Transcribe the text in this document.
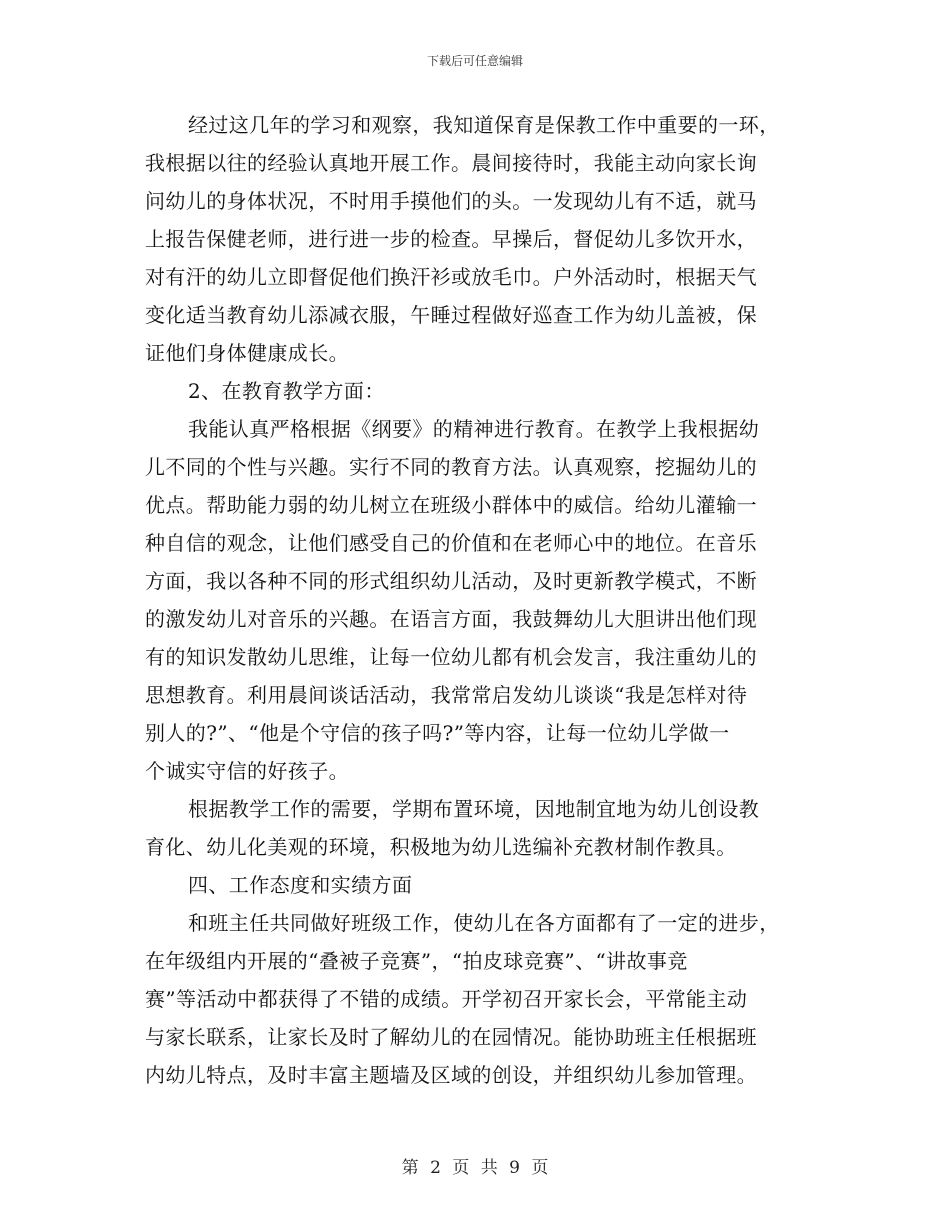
下载后可任意编辑
经过这几年的学习和观察，我知道保育是保教工作中重要的一环，
我根据以往的经验认真地开展工作。晨间接待时，我能主动向家长询
问幼儿的身体状况，不时用手摸他们的头。一发现幼儿有不适，就马
上报告保健老师，进行进一步的检查。早操后，督促幼儿多饮开水，
对有汗的幼儿立即督促他们换汗衫或放毛巾。户外活动时，根据天气
变化适当教育幼儿添减衣服，午睡过程做好巡查工作为幼儿盖被，保
证他们身体健康成长。
2、在教育教学方面：
我能认真严格根据《纲要》的精神进行教育。在教学上我根据幼
儿不同的个性与兴趣。实行不同的教育方法。认真观察，挖掘幼儿的
优点。帮助能力弱的幼儿树立在班级小群体中的威信。给幼儿灌输一
种自信的观念，让他们感受自己的价值和在老师心中的地位。在音乐
方面，我以各种不同的形式组织幼儿活动，及时更新教学模式，不断
的激发幼儿对音乐的兴趣。在语言方面，我鼓舞幼儿大胆讲出他们现
有的知识发散幼儿思维，让每一位幼儿都有机会发言，我注重幼儿的
思想教育。利用晨间谈话活动，我常常启发幼儿谈谈“我是怎样对待
别人的?”、“他是个守信的孩子吗?”等内容，让每一位幼儿学做一
个诚实守信的好孩子。
根据教学工作的需要，学期布置环境，因地制宜地为幼儿创设教
育化、幼儿化美观的环境，积极地为幼儿选编补充教材制作教具。
四、工作态度和实绩方面
和班主任共同做好班级工作，使幼儿在各方面都有了一定的进步，
在年级组内开展的“叠被子竞赛”，“拍皮球竞赛”、“讲故事竞
赛”等活动中都获得了不错的成绩。开学初召开家长会，平常能主动
与家长联系，让家长及时了解幼儿的在园情况。能协助班主任根据班
内幼儿特点，及时丰富主题墙及区域的创设，并组织幼儿参加管理。
第 2 页 共 9 页
